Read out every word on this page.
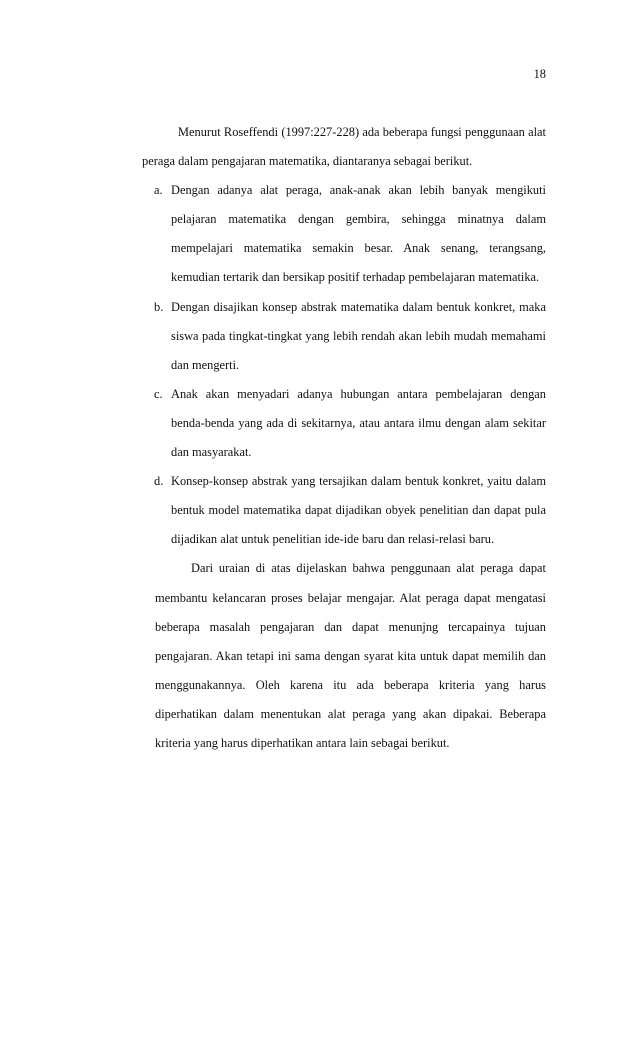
18

Menurut Roseffendi (1997:227-228) ada beberapa fungsi penggunaan alat peraga dalam pengajaran matematika, diantaranya sebagai berikut.

a. Dengan adanya alat peraga, anak-anak akan lebih banyak mengikuti pelajaran matematika dengan gembira, sehingga minatnya dalam mempelajari matematika semakin besar. Anak senang, terangsang, kemudian tertarik dan bersikap positif terhadap pembelajaran matematika.
b. Dengan disajikan konsep abstrak matematika dalam bentuk konkret, maka siswa pada tingkat-tingkat yang lebih rendah akan lebih mudah memahami dan mengerti.
c. Anak akan menyadari adanya hubungan antara pembelajaran dengan benda-benda yang ada di sekitarnya, atau antara ilmu dengan alam sekitar dan masyarakat.
d. Konsep-konsep abstrak yang tersajikan dalam bentuk konkret, yaitu dalam bentuk model matematika dapat dijadikan obyek penelitian dan dapat pula dijadikan alat untuk penelitian ide-ide baru dan relasi-relasi baru.

Dari uraian di atas dijelaskan bahwa penggunaan alat peraga dapat membantu kelancaran proses belajar mengajar. Alat peraga dapat mengatasi beberapa masalah pengajaran dan dapat menunjng tercapainya tujuan pengajaran. Akan tetapi ini sama dengan syarat kita untuk dapat memilih dan menggunakannya. Oleh karena itu ada beberapa kriteria yang harus diperhatikan dalam menentukan alat peraga yang akan dipakai. Beberapa kriteria yang harus diperhatikan antara lain sebagai berikut.
